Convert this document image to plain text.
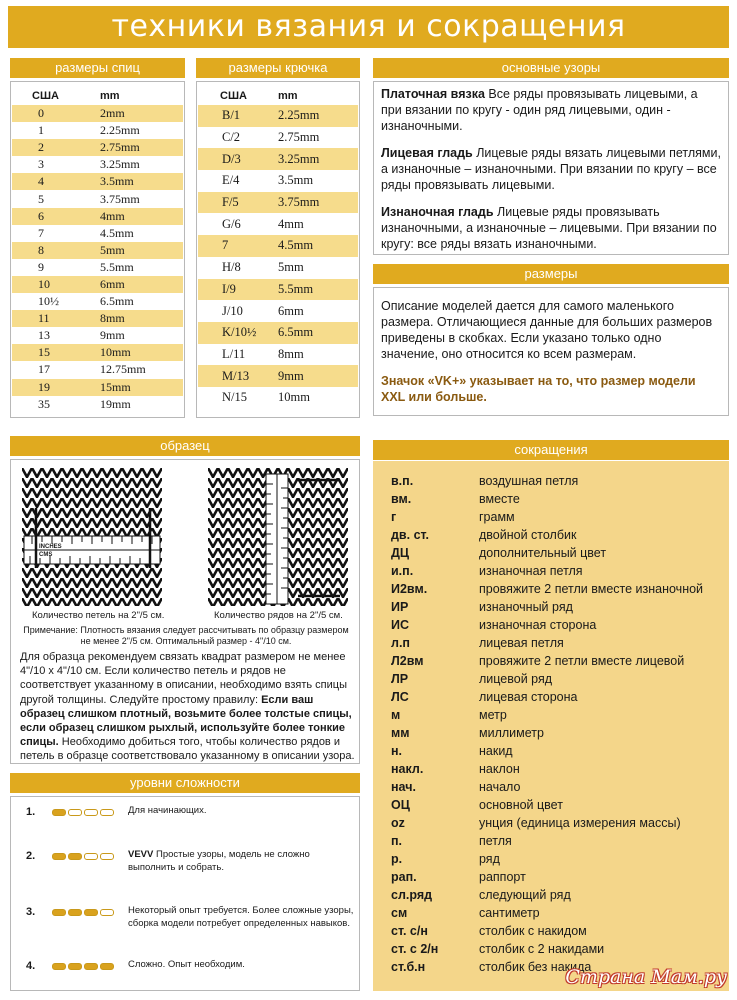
техники вязания и сокращения
размеры спиц
США	mm
0	2mm
1	2.25mm
2	2.75mm
3	3.25mm
4	3.5mm
5	3.75mm
6	4mm
7	4.5mm
8	5mm
9	5.5mm
10	6mm
10½	6.5mm
11	8mm
13	9mm
15	10mm
17	12.75mm
19	15mm
35	19mm
размеры крючка
США	mm
B/1	2.25mm
C/2	2.75mm
D/3	3.25mm
E/4	3.5mm
F/5	3.75mm
G/6	4mm
7	4.5mm
H/8	5mm
I/9	5.5mm
J/10	6mm
K/10½	6.5mm
L/11	8mm
M/13	9mm
N/15	10mm
основные узоры

Платочная вязка Все ряды провязывать лицевыми, а при вязании по кругу - один ряд лицевыми, один - изнаночными.

Лицевая гладь Лицевые ряды вязать лицевыми петлями, а изнаночные – изнаночными. При вязании по кругу – все ряды провязывать лицевыми.

Изнаночная гладь Лицевые ряды провязывать изнаночными, а изнаночные – лицевыми. При вязании по кругу: все ряды вязать изнаночными.

размеры

Описание моделей дается для самого маленького размера. Отличающиеся данные для больших размеров приведены в скобках. Если указано только одно значение, оно относится ко всем размерам.

Значок «VK+» указывает на то, что размер модели XXL или больше.

образец
INCHES
CMS
Количество петель на 2"/5 см.	Количество рядов на 2"/5 см.
Примечание: Плотность вязания следует рассчитывать по образцу размером не менее 2"/5 см. Оптимальный размер - 4"/10 см.
Для образца рекомендуем связать квадрат размером не менее 4"/10 х 4"/10 см. Если количество петель и рядов не соответствует указанному в описании, необходимо взять спицы другой толщины. Следуйте простому правилу: Если ваш образец слишком плотный, возьмите более толстые спицы, если образец слишком рыхлый, используйте более тонкие спицы. Необходимо добиться того, чтобы количество рядов и петель в образце соответствовало указанному в описании узора.
уровни сложности
1.	Для начинающих.
2.	VEVV Простые узоры, модель не сложно выполнить и собрать.
3.	Некоторый опыт требуется. Более сложные узоры, сборка модели потребует определенных навыков.
4.	Сложно. Опыт необходим.
сокращения
в.п.	воздушная петля
вм.	вместе
г	грамм
дв. ст.	двойной столбик
ДЦ	дополнительный цвет
и.п.	изнаночная петля
И2вм.	провяжите 2 петли вместе изнаночной
ИР	изнаночный ряд
ИС	изнаночная сторона
л.п	лицевая петля
Л2вм	провяжите 2 петли вместе лицевой
ЛР	лицевой ряд
ЛС	лицевая сторона
м	метр
мм	миллиметр
н.	накид
накл.	наклон
нач.	начало
ОЦ	основной цвет
oz	унция (единица измерения массы)
п.	петля
р.	ряд
рап.	раппорт
сл.ряд	следующий ряд
см	сантиметр
ст. с/н	столбик с накидом
ст. с 2/н	столбик с 2 накидами
ст.б.н	столбик без накида
Страна Мам.ру
